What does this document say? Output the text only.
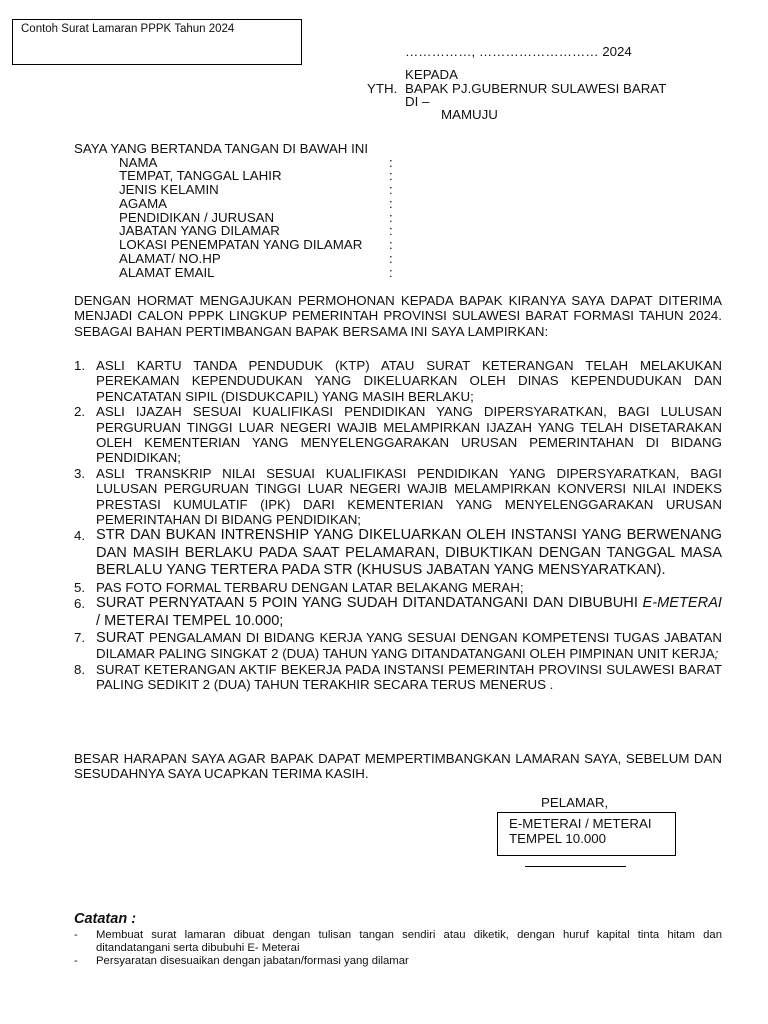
Contoh Surat Lamaran PPPK Tahun 2024
……………, ……………………… 2024
KEPADA
YTH. BAPAK PJ.GUBERNUR SULAWESI BARAT
DI –
MAMUJU
SAYA YANG BERTANDA TANGAN DI BAWAH INI
NAMA	:
TEMPAT, TANGGAL LAHIR	:
JENIS KELAMIN	:
AGAMA	:
PENDIDIKAN / JURUSAN	:
JABATAN YANG DILAMAR	:
LOKASI PENEMPATAN YANG DILAMAR :
ALAMAT/ NO.HP	:
ALAMAT EMAIL	:
DENGAN HORMAT MENGAJUKAN PERMOHONAN KEPADA BAPAK KIRANYA SAYA DAPAT DITERIMA MENJADI CALON PPPK LINGKUP PEMERINTAH PROVINSI SULAWESI BARAT FORMASI TAHUN 2024. SEBAGAI BAHAN PERTIMBANGAN BAPAK BERSAMA INI SAYA LAMPIRKAN:
1. ASLI KARTU TANDA PENDUDUK (KTP) ATAU SURAT KETERANGAN TELAH MELAKUKAN PEREKAMAN KEPENDUDUKAN YANG DIKELUARKAN OLEH DINAS KEPENDUDUKAN DAN PENCATATAN SIPIL (DISDUKCAPIL) YANG MASIH BERLAKU;
2. ASLI IJAZAH SESUAI KUALIFIKASI PENDIDIKAN YANG DIPERSYARATKAN, BAGI LULUSAN PERGURUAN TINGGI LUAR NEGERI WAJIB MELAMPIRKAN IJAZAH YANG TELAH DISETARAKAN OLEH KEMENTERIAN YANG MENYELENGGARAKAN URUSAN PEMERINTAHAN DI BIDANG PENDIDIKAN;
3. ASLI TRANSKRIP NILAI SESUAI KUALIFIKASI PENDIDIKAN YANG DIPERSYARATKAN, BAGI LULUSAN PERGURUAN TINGGI LUAR NEGERI WAJIB MELAMPIRKAN KONVERSI NILAI INDEKS PRESTASI KUMULATIF (IPK) DARI KEMENTERIAN YANG MENYELENGGARAKAN URUSAN PEMERINTAHAN DI BIDANG PENDIDIKAN;
4. STR DAN BUKAN INTRENSHIP YANG DIKELUARKAN OLEH INSTANSI YANG BERWENANG DAN MASIH BERLAKU PADA SAAT PELAMARAN, DIBUKTIKAN DENGAN TANGGAL MASA BERLALU YANG TERTERA PADA STR (KHUSUS JABATAN YANG MENSYARATKAN).
5. PAS FOTO FORMAL TERBARU DENGAN LATAR BELAKANG MERAH;
6. SURAT PERNYATAAN 5 POIN YANG SUDAH DITANDATANGANI DAN DIBUBUHI E-METERAI / METERAI TEMPEL 10.000;
7. SURAT PENGALAMAN DI BIDANG KERJA YANG SESUAI DENGAN KOMPETENSI TUGAS JABATAN DILAMAR PALING SINGKAT 2 (DUA) TAHUN YANG DITANDATANGANI OLEH PIMPINAN UNIT KERJA;
8. SURAT KETERANGAN AKTIF BEKERJA PADA INSTANSI PEMERINTAH PROVINSI SULAWESI BARAT PALING SEDIKIT 2 (DUA) TAHUN TERAKHIR SECARA TERUS MENERUS .
BESAR HARAPAN SAYA AGAR BAPAK DAPAT MEMPERTIMBANGKAN LAMARAN SAYA, SEBELUM DAN SESUDAHNYA SAYA UCAPKAN TERIMA KASIH.
PELAMAR,
E-METERAI / METERAI
TEMPEL 10.000
Catatan :
- Membuat surat lamaran dibuat dengan tulisan tangan sendiri atau diketik, dengan huruf kapital tinta hitam dan ditandatangani serta dibubuhi E- Meterai
- Persyaratan disesuaikan dengan jabatan/formasi yang dilamar
